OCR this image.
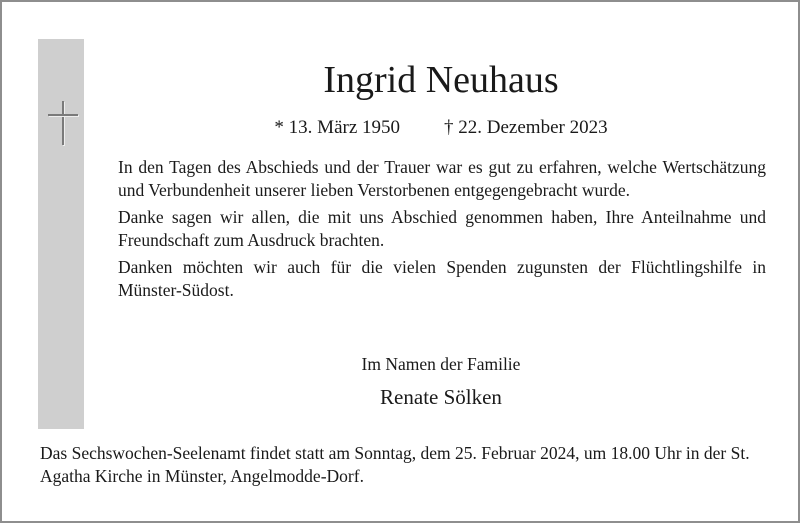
Ingrid Neuhaus
* 13. März 1950 † 22. Dezember 2023

In den Tagen des Abschieds und der Trauer war es gut zu erfahren, welche Wertschätzung und Verbundenheit unserer lieben Verstorbenen entgegengebracht wurde.

Danke sagen wir allen, die mit uns Abschied genommen haben, Ihre Anteilnahme und Freundschaft zum Ausdruck brachten.

Danken möchten wir auch für die vielen Spenden zugunsten der Flüchtlingshilfe in Münster-Südost.

Im Namen der Familie
Renate Sölken

Das Sechswochen-Seelenamt findet statt am Sonntag, dem 25. Februar 2024, um 18.00 Uhr in der St. Agatha Kirche in Münster, Angelmodde-Dorf.
